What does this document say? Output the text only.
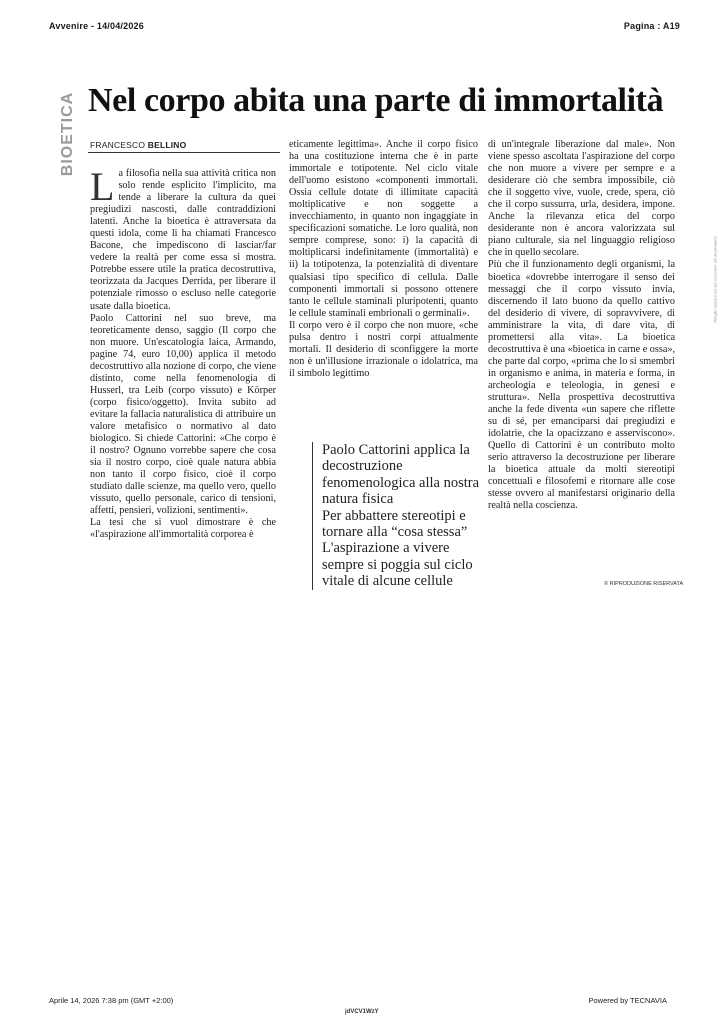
Avvenire - 14/04/2026	Pagina : A19
BIOETICA Nel corpo abita una parte di immortalità
FRANCESCO BELLINO
L a filosofia nella sua attività critica non solo rende esplicito l'implicito, ma tende a liberare la cultura da quei pregiudizi nascosti, dalle contraddizioni latenti. Anche la bioetica è attraversata da questi idola, come li ha chiamati Francesco Bacone, che impediscono di lasciar/far vedere la realtà per come essa si mostra. Potrebbe essere utile la pratica decostruttiva, teorizzata da Jacques Derrida, per liberare il potenziale rimosso o escluso nelle categorie usate dalla bioetica.

Paolo Cattorini nel suo breve, ma teoreticamente denso, saggio (Il corpo che non muore. Un'escatologia laica, Armando, pagine 74, euro 10,00) applica il metodo decostruttivo alla nozione di corpo, che viene distinto, come nella fenomenologia di Husserl, tra Leib (corpo vissuto) e Körper (corpo fisico/oggetto). Invita subito ad evitare la fallacia naturalistica di attribuire un valore metafisico o normativo al dato biologico. Si chiede Cattorini: «Che corpo è il nostro? Ognuno vorrebbe sapere che cosa sia il nostro corpo, cioè quale natura abbia non tanto il corpo fisico, cioè il corpo studiato dalle scienze, ma quello vero, quello vissuto, quello personale, carico di tensioni, affetti, pensieri, volizioni, sentimenti».

La tesi che si vuol dimostrare è che «l'aspirazione all'immortalità corporea è

eticamente legittima». Anche il corpo fisico ha una costituzione interna che è in parte immortale e totipotente. Nel ciclo vitale dell'uomo esistono «componenti immortali. Ossia cellule dotate di illimitate capacità moltiplicative e non soggette a invecchiamento, in quanto non ingaggiate in specificazioni somatiche. Le loro qualità, non sempre comprese, sono: i) la capacità di moltiplicarsi indefinitamente (immortalità) e ii) la totipotenza, la potenzialità di diventare qualsiasi tipo specifico di cellula. Dalle componenti immortali si possono ottenere tanto le cellule staminali pluripotenti, quanto le cellule staminali embrionali o germinali».

Il corpo vero è il corpo che non muore, «che pulsa dentro i nostri corpi attualmente mortali. Il desiderio di sconfiggere la morte non è un'illusione irrazionale o idolatrica, ma il simbolo legittimo

Paolo Cattorini applica la decostruzione fenomenologica alla nostra natura fisica

Per abbattere stereotipi e tornare alla “cosa stessa”

L'aspirazione a vivere sempre si poggia sul ciclo vitale di alcune cellule

di un'integrale liberazione dal male». Non viene spesso ascoltata l'aspirazione del corpo che non muore a vivere per sempre e a desiderare ciò che sembra impossibile, ciò che il soggetto vive, vuole, crede, spera, ciò che il corpo sussurra, urla, desidera, impone. Anche la rilevanza etica del corpo desiderante non è ancora valorizzata sul piano culturale, sia nel linguaggio religioso che in quello secolare.

Più che il funzionamento degli organismi, la bioetica «dovrebbe interrogare il senso dei messaggi che il corpo vissuto invia, discernendo il lato buono da quello cattivo del desiderio di vivere, di sopravvivere, di amministrare la vita, di dare vita, di promettersi alla vita». La bioetica decostruttiva è una «bioetica in carne e ossa», che parte dal corpo, «prima che lo si smembri in organismo e anima, in materia e forma, in archeologia e teleologia, in genesi e struttura». Nella prospettiva decostruttiva anche la fede diventa «un sapere che riflette su di sé, per emanciparsi dai pregiudizi e idolatrie, che la opacizzano e asserviscono». Quello di Cattorini è un contributo molto serio attraverso la decostruzione per liberare la bioetica attuale da molti stereotipi concettuali e filosofemi e ritornare alle cose stesse ovvero al manifestarsi originario della realtà nella coscienza.

© RIPRODUZIONE RISERVATA
Ritaglio stampa ad uso esclusivo del destinatario
Aprile 14, 2026 7:38 pm (GMT +2:00)	Powered by TECNAVIA
jdVCV1WzY
